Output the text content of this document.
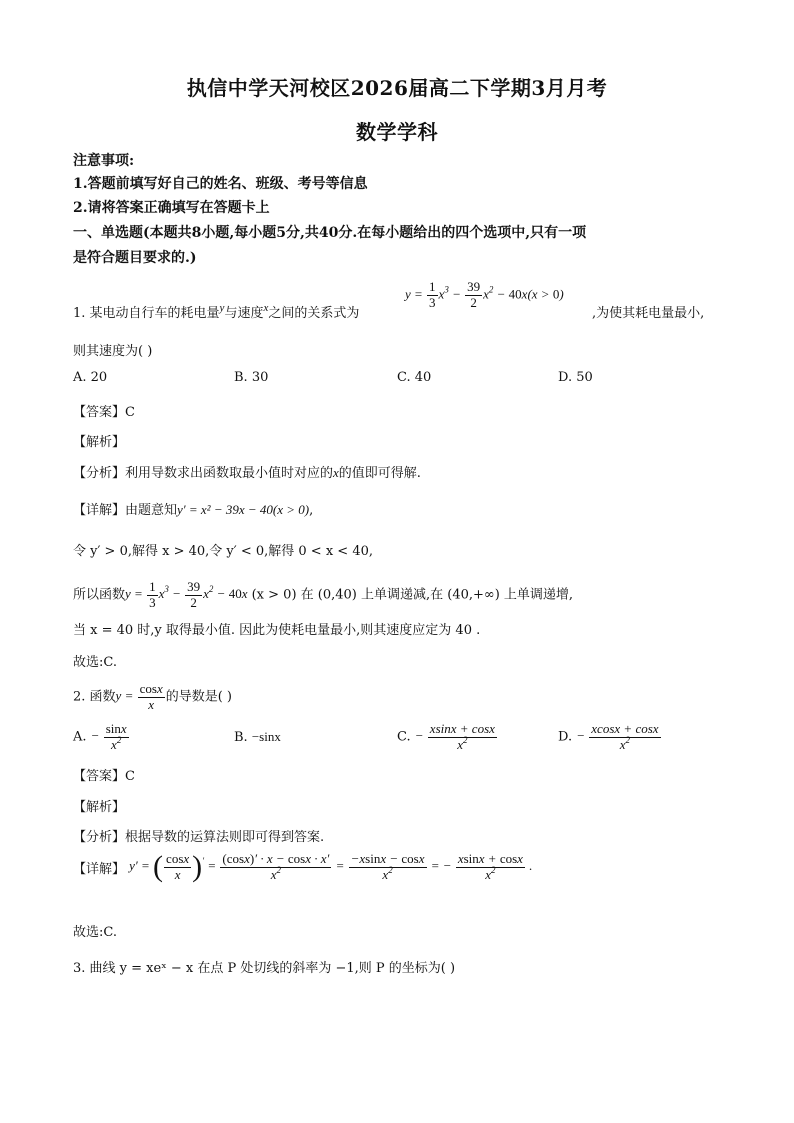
执信中学天河校区2026届高二下学期3月月考
数学学科
注意事项:
1.答题前填写好自己的姓名、班级、考号等信息
2.请将答案正确填写在答题卡上
一、单选题(本题共8小题,每小题5分,共40分.在每小题给出的四个选项中,只有一项
是符合题目要求的.)
1. 某电动自行车的耗电量$^y$与速度$^x$之间的关系式为
$y = \frac{1}{3} x^3 - \frac{39}{2} x^2 - 40x(x > 0)$
,为使其耗电量最小,
则其速度为( )
A. 20	B. 30	C. 40	D. 50
【答案】C
【解析】
【分析】利用导数求出函数取最小值时对应的x的值即可得解.
【详解】由题意知y′ = x² − 39x − 40(x > 0),
令 y′ > 0,解得 x > 40,令 y′ < 0,解得 0 < x < 40,
所以函数$y = \frac{1}{3} x^3 - \frac{39}{2} x^2 - 40x$ (x > 0) 在 (0,40) 上单调递减,在 (40,+∞) 上单调递增,
当 x = 40 时,y 取得最小值. 因此为使耗电量最小,则其速度应定为 40 .
故选:C.
2. 函数$y = \frac{\cos x}{x}$ 的导数是( )
A. − $\frac{\sin x}{x^2}$	B. −sinx	C. − $\frac{xsinx + \cos x}{x^2}$	D. − $\frac{xcosx + \cos x}{x^2}$
【答案】C
【解析】
【分析】根据导数的运算法则即可得到答案.
【详解】 y′ = ( $\frac{\cos x}{x} )' = \frac{(\cos x)' \cdot x - \cos x \cdot x'}{x^2} = \frac{-xsinx - \cos x}{x^2}$ = − $\frac{xsinx + \cos x}{x^2}$ .
故选:C.
3. 曲线 y = xeˣ − x 在点 P 处切线的斜率为 −1,则 P 的坐标为( )
